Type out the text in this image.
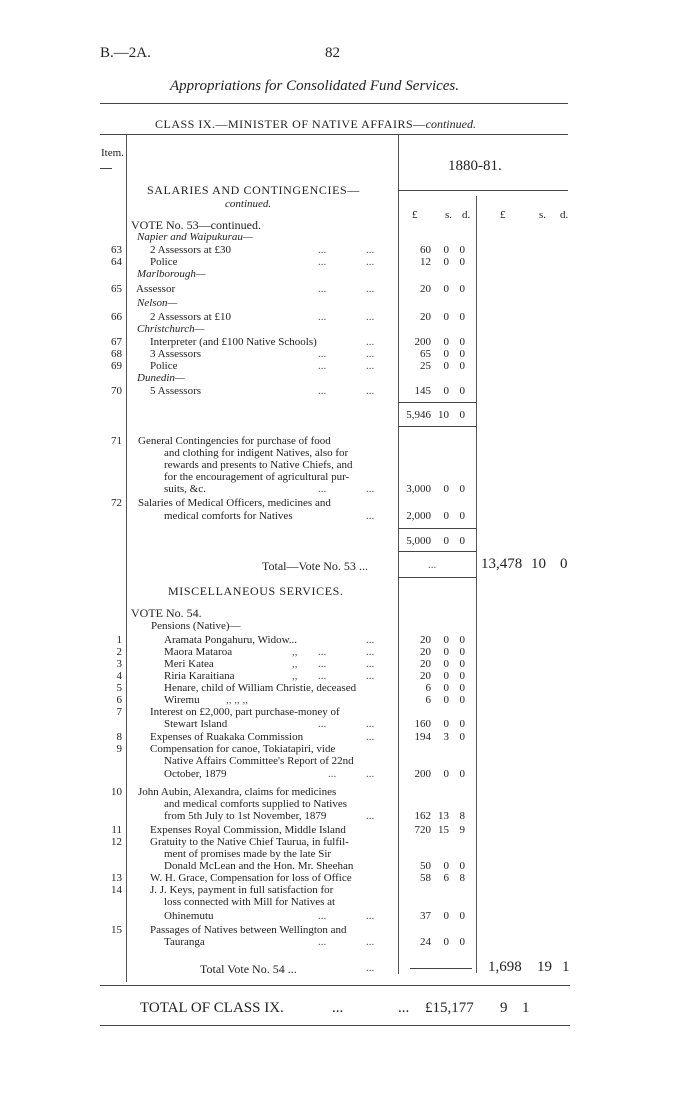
B.—2A.	82
Appropriations for Consolidated Fund Services.
CLASS IX.—MINISTER OF NATIVE AFFAIRS—continued.
Item.
1880-81.
SALARIES AND CONTINGENCIES—
continued.
£	s. d.	£	s. d.
VOTE No. 53—continued.
Napier and Waipukurau—
63	2 Assessors at £30	...	...	60	0 0
64	Police	...	...	12	0 0
Marlborough—
65 Assessor	...	...	20	0 0
Nelson—
66	2 Assessors at £10	...	...	20	0 0
Christchurch—
67	Interpreter (and £100 Native Schools)	...	200	0 0
68	3 Assessors	...	...	65	0 0
69	Police	...	...	25	0 0
Dunedin—
70	5 Assessors	...	...	145	0 0
5,946 10 0
71 General Contingencies for purchase of food
and clothing for indigent Natives, also for
rewards and presents to Native Chiefs, and
for the encouragement of agricultural pur-
suits, &c.	...	...	3,000	0 0
72 Salaries of Medical Officers, medicines and
medical comforts for Natives	...	2,000	0 0
5,000	0 0
Total—Vote No. 53 ...	...	13,478 10 0
MISCELLANEOUS SERVICES.
VOTE No. 54.
Pensions (Native)—
1	Aramata Pongahuru, Widow...	...	20	0 0
2	Maora Mataroa	,, ...	...	20	0 0
3	Meri Katea	,, ...	...	20	0 0
4	Riria Karaitiana	,, ...	...	20	0 0
5	Henare, child of William Christie, deceased	6	0 0
6	Wiremu ,, ,, ,,	6	0 0
7	Interest on £2,000, part purchase-money of
Stewart Island	...	...	160	0 0
8	Expenses of Ruakaka Commission	...	194	3 0
9	Compensation for canoe, Tokiatapiri, vide
Native Affairs Committee's Report of 22nd
October, 1879	...	...	200	0 0
10 John Aubin, Alexandra, claims for medicines
and medical comforts supplied to Natives
from 5th July to 1st November, 1879	...	162 13 8
11	Expenses Royal Commission, Middle Island	720 15 9
12	Gratuity to the Native Chief Taurua, in fulfil-
ment of promises made by the late Sir
Donald McLean and the Hon. Mr. Sheehan	50	0 0
13	W. H. Grace, Compensation for loss of Office	58	6 8
14	J. J. Keys, payment in full satisfaction for
loss connected with Mill for Natives at
Ohinemutu	...	...	37	0 0
15	Passages of Natives between Wellington and
Tauranga	...	...	24	0 0
Total Vote No. 54 ...	...	1,698 19 1
TOTAL OF CLASS IX.	...	... £15,177 9 1
